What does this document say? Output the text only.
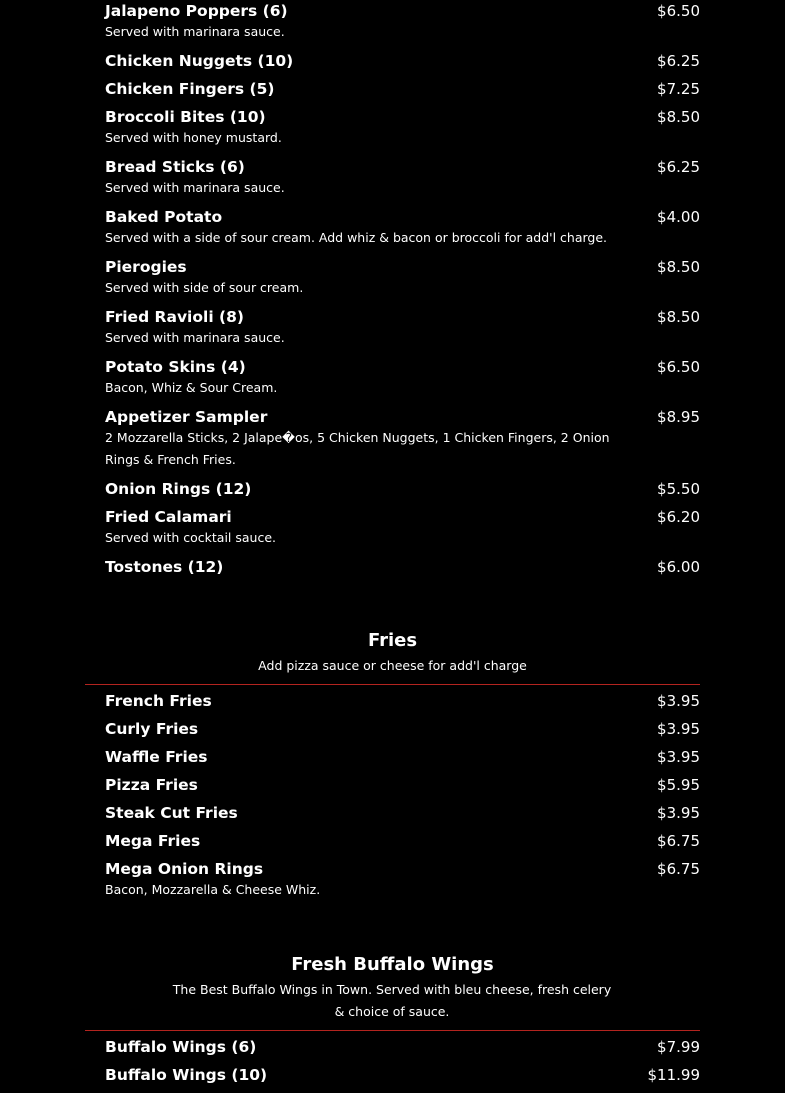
Jalapeno Poppers (6)	$6.50
Served with marinara sauce.
Chicken Nuggets (10)	$6.25
Chicken Fingers (5)	$7.25
Broccoli Bites (10)	$8.50
Served with honey mustard.
Bread Sticks (6)	$6.25
Served with marinara sauce.
Baked Potato	$4.00
Served with a side of sour cream. Add whiz & bacon or broccoli for add'l charge.
Pierogies	$8.50
Served with side of sour cream.
Fried Ravioli (8)	$8.50
Served with marinara sauce.
Potato Skins (4)	$6.50
Bacon, Whiz & Sour Cream.
Appetizer Sampler	$8.95
2 Mozzarella Sticks, 2 Jalape�os, 5 Chicken Nuggets, 1 Chicken Fingers, 2 Onion Rings & French Fries.
Onion Rings (12)	$5.50
Fried Calamari	$6.20
Served with cocktail sauce.
Tostones (12)	$6.00
Fries
Add pizza sauce or cheese for add'l charge
French Fries	$3.95
Curly Fries	$3.95
Waffle Fries	$3.95
Pizza Fries	$5.95
Steak Cut Fries	$3.95
Mega Fries	$6.75
Mega Onion Rings	$6.75
Bacon, Mozzarella & Cheese Whiz.
Fresh Buffalo Wings
The Best Buffalo Wings in Town. Served with bleu cheese, fresh celery & choice of sauce.
Buffalo Wings (6)	$7.99
Buffalo Wings (10)	$11.99
